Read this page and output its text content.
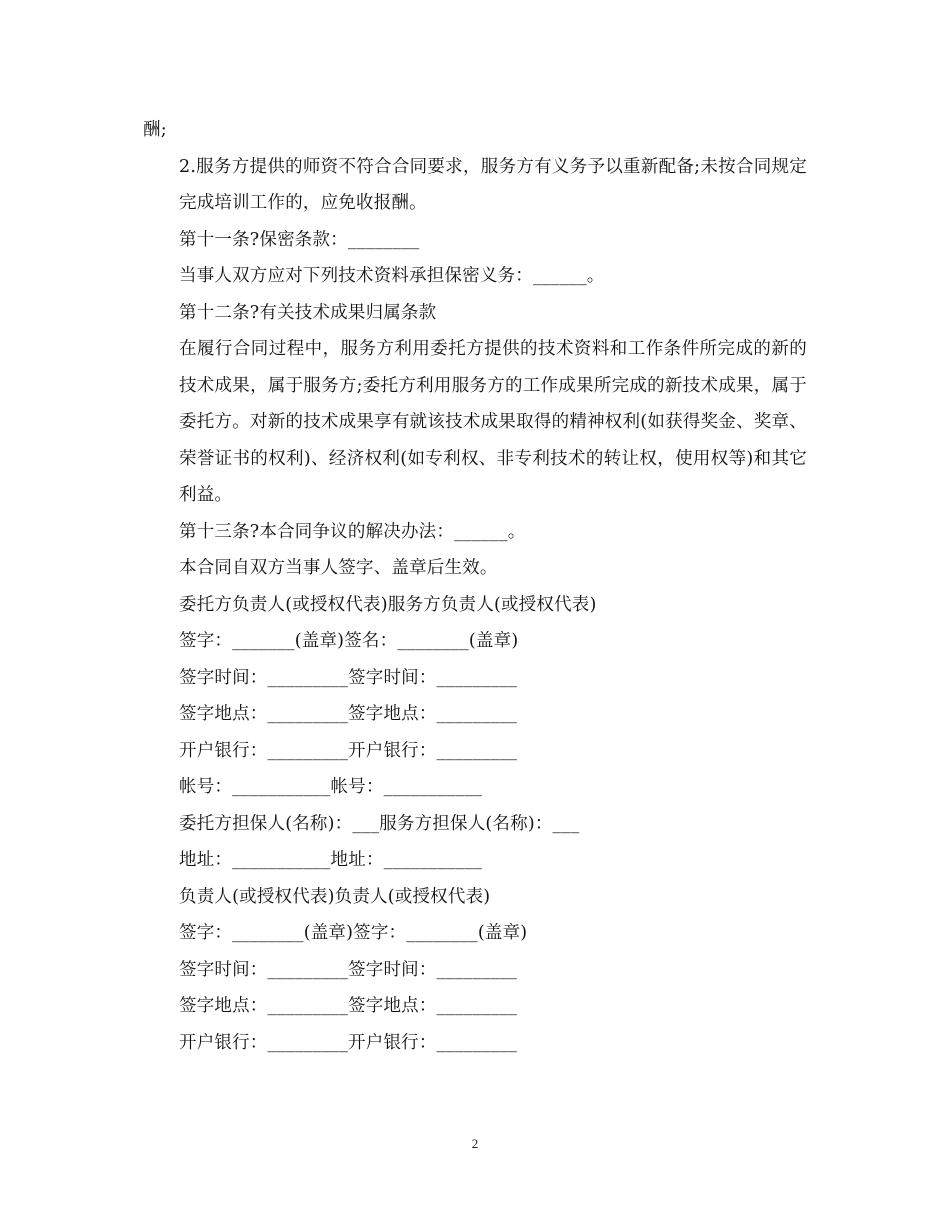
酬;

2.服务方提供的师资不符合合同要求，服务方有义务予以重新配备;未按合同规定完成培训工作的，应免收报酬。

第十一条?保密条款：________

当事人双方应对下列技术资料承担保密义务：______。

第十二条?有关技术成果归属条款

在履行合同过程中，服务方利用委托方提供的技术资料和工作条件所完成的新的技术成果，属于服务方;委托方利用服务方的工作成果所完成的新技术成果，属于委托方。对新的技术成果享有就该技术成果取得的精神权利(如获得奖金、奖章、荣誉证书的权利)、经济权利(如专利权、非专利技术的转让权，使用权等)和其它利益。

第十三条?本合同争议的解决办法：______。

本合同自双方当事人签字、盖章后生效。

委托方负责人(或授权代表)服务方负责人(或授权代表)

签字：_______(盖章)签名：________(盖章)

签字时间：_________签字时间：_________

签字地点：_________签字地点：_________

开户银行：_________开户银行：_________

帐号：___________帐号：___________

委托方担保人(名称)：___服务方担保人(名称)：___

地址：___________地址：___________

负责人(或授权代表)负责人(或授权代表)

签字：________(盖章)签字：________(盖章)

签字时间：_________签字时间：_________

签字地点：_________签字地点：_________

开户银行：_________开户银行：_________

2
